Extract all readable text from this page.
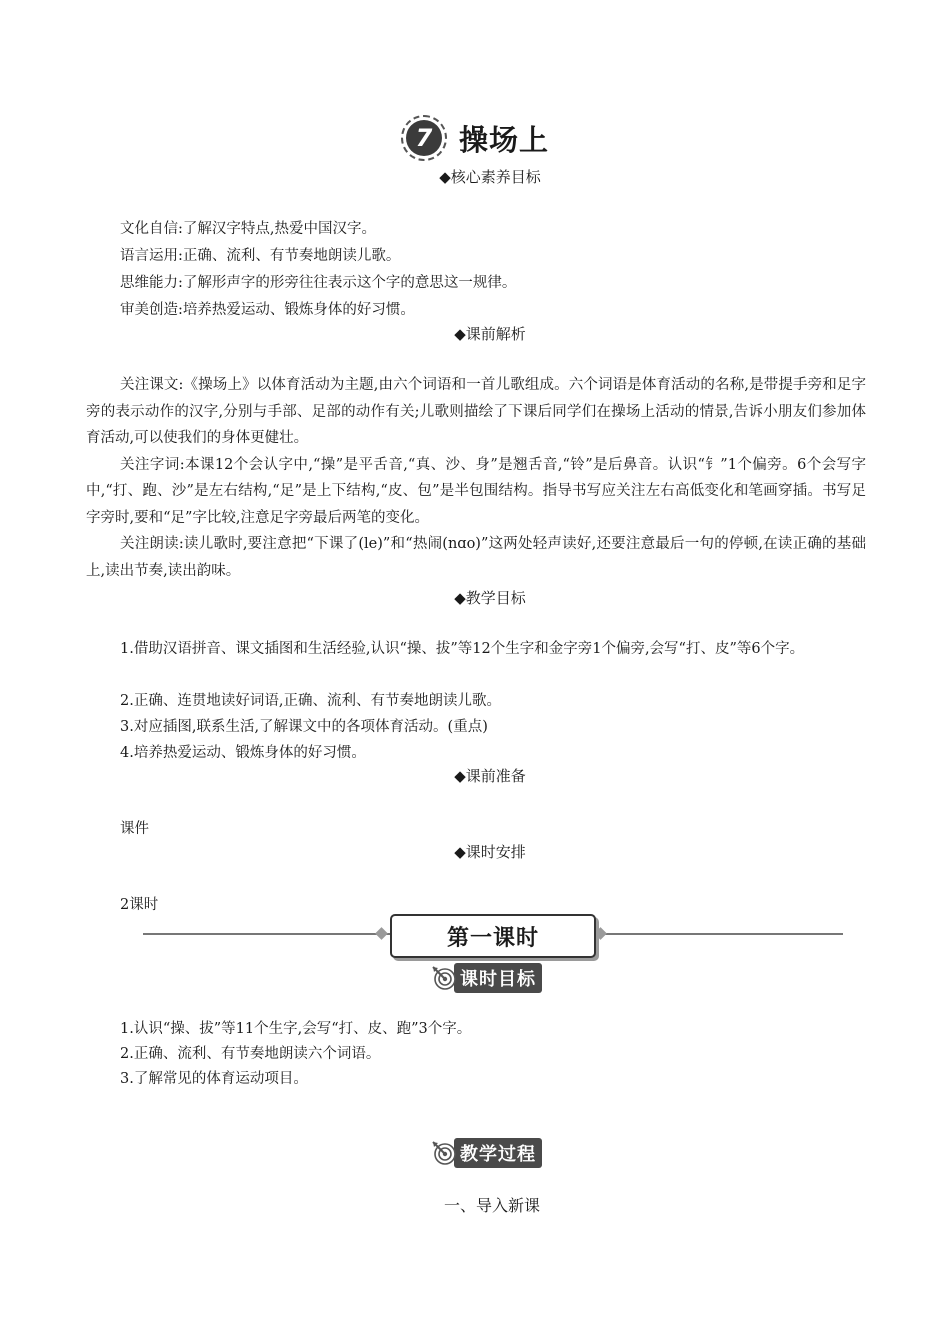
7 操场上
◆核心素养目标
文化自信:了解汉字特点,热爱中国汉字。
语言运用:正确、流利、有节奏地朗读儿歌。
思维能力:了解形声字的形旁往往表示这个字的意思这一规律。
审美创造:培养热爱运动、锻炼身体的好习惯。
◆课前解析

关注课文:《操场上》以体育活动为主题,由六个词语和一首儿歌组成。六个词语是体育活动的名称,是带提手旁和足字旁的表示动作的汉字,分别与手部、足部的动作有关;儿歌则描绘了下课后同学们在操场上活动的情景,告诉小朋友们参加体育活动,可以使我们的身体更健壮。

关注字词:本课12个会认字中,“操”是平舌音,“真、沙、身”是翘舌音,“铃”是后鼻音。认识“钅”1个偏旁。6个会写字中,“打、跑、沙”是左右结构,“足”是上下结构,“皮、包”是半包围结构。指导书写应关注左右高低变化和笔画穿插。书写足字旁时,要和“足”字比较,注意足字旁最后两笔的变化。

关注朗读:读儿歌时,要注意把“下课了(le)”和“热闹(nɑo)”这两处轻声读好,还要注意最后一句的停顿,在读正确的基础上,读出节奏,读出韵味。

◆教学目标
1.借助汉语拼音、课文插图和生活经验,认识“操、拔”等12个生字和金字旁1个偏旁,会写“打、皮”等6个字。
2.正确、连贯地读好词语,正确、流利、有节奏地朗读儿歌。
3.对应插图,联系生活,了解课文中的各项体育活动。(重点)
4.培养热爱运动、锻炼身体的好习惯。
◆课前准备
课件
◆课时安排
2课时
第一课时
课时目标
1.认识“操、拔”等11个生字,会写“打、皮、跑”3个字。
2.正确、流利、有节奏地朗读六个词语。
3.了解常见的体育运动项目。
教学过程
一、导入新课
